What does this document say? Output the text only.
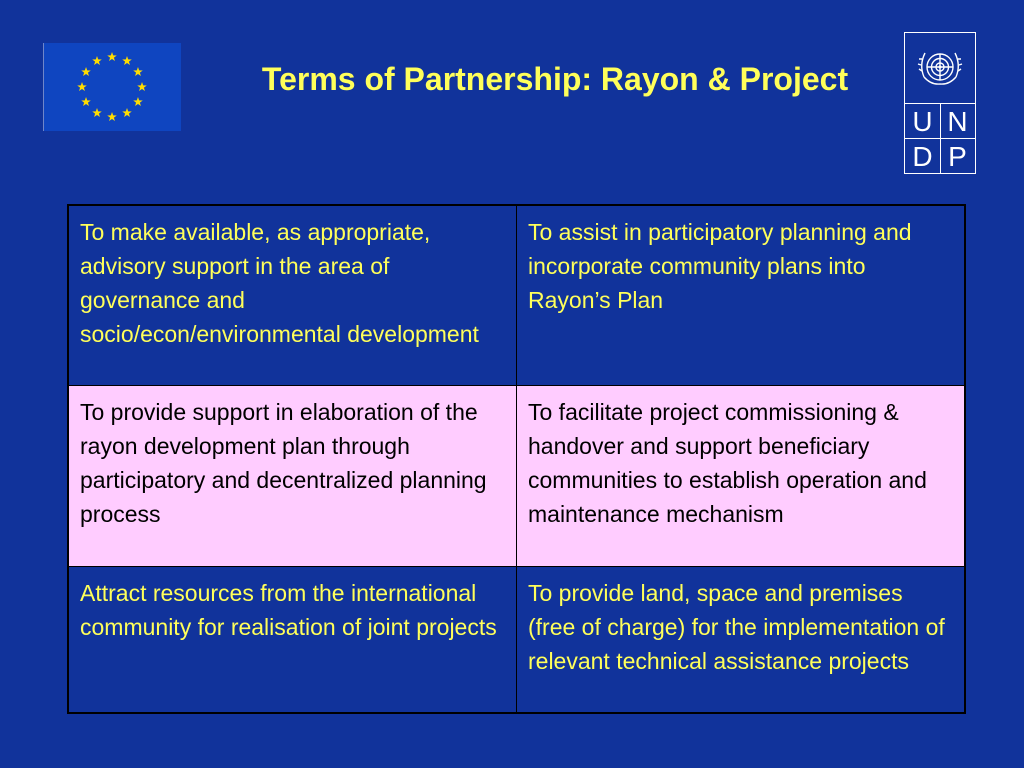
Terms of Partnership: Rayon & Project
U N
D P
To make available, as appropriate, advisory support in the area of governance and socio/econ/environmental development	To assist in participatory planning and incorporate community plans into Rayon’s Plan
To provide support in elaboration of the rayon development plan through participatory and decentralized planning process	To facilitate project commissioning & handover and support beneficiary communities to establish operation and maintenance mechanism
Attract resources from the international community for realisation of joint projects	To provide land, space and premises (free of charge) for the implementation of relevant technical assistance projects
